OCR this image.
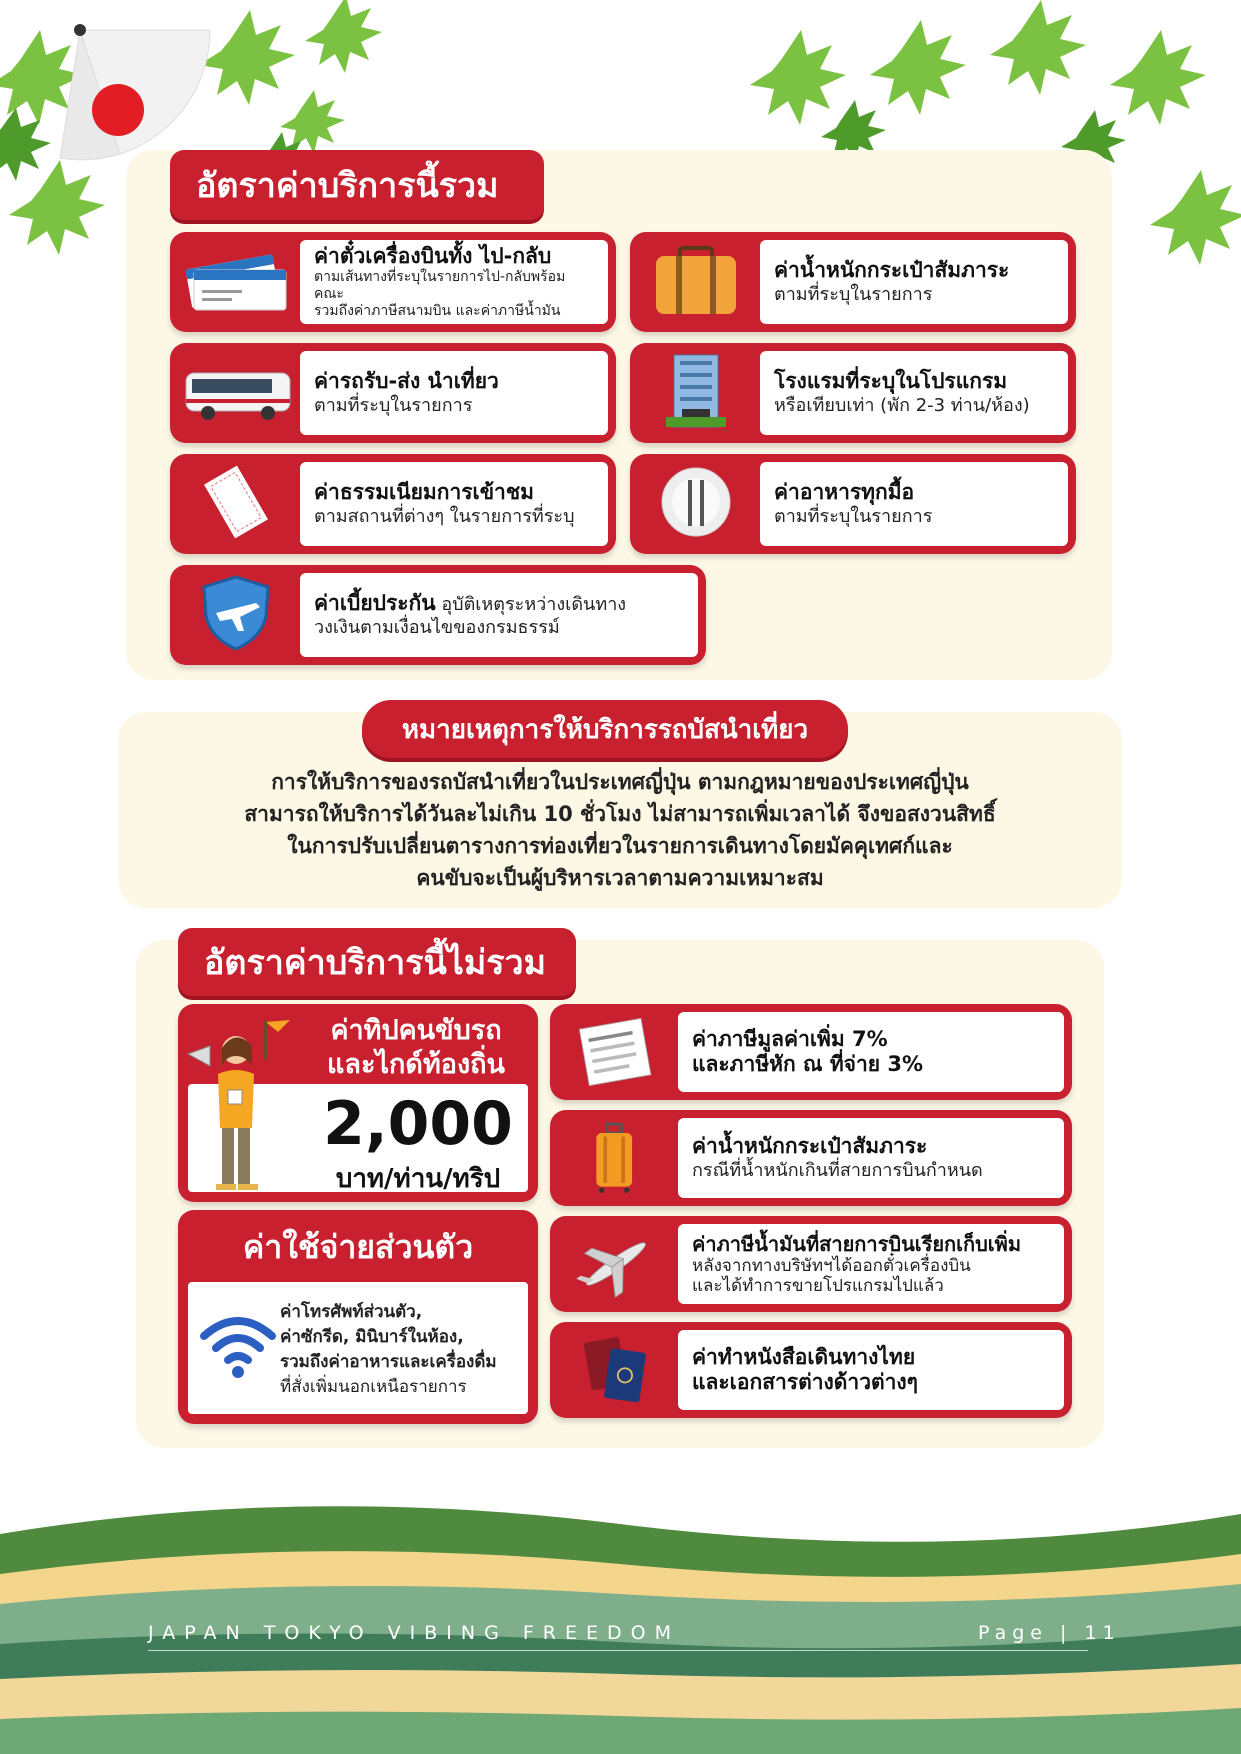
อัตราค่าบริการนี้รวม
ค่าตั๋วเครื่องบินทั้ง ไป-กลับ
ตามเส้นทางที่ระบุในรายการไป-กลับพร้อมคณะ
รวมถึงค่าภาษีสนามบิน และค่าภาษีน้ำมัน
ค่าน้ำหนักกระเป๋าสัมภาระ
ตามที่ระบุในรายการ
ค่ารถรับ-ส่ง นำเที่ยว
ตามที่ระบุในรายการ
โรงแรมที่ระบุในโปรแกรม
หรือเทียบเท่า (พัก 2-3 ท่าน/ห้อง)
ค่าธรรมเนียมการเข้าชม
ตามสถานที่ต่างๆ ในรายการที่ระบุ
ค่าอาหารทุกมื้อ
ตามที่ระบุในรายการ
ค่าเบี้ยประกัน อุบัติเหตุระหว่างเดินทาง
วงเงินตามเงื่อนไขของกรมธรรม์
หมายเหตุการให้บริการรถบัสนำเที่ยว
การให้บริการของรถบัสนำเที่ยวในประเทศญี่ปุ่น ตามกฎหมายของประเทศญี่ปุ่น
สามารถให้บริการได้วันละไม่เกิน 10 ชั่วโมง ไม่สามารถเพิ่มเวลาได้ จึงขอสงวนสิทธิ์
ในการปรับเปลี่ยนตารางการท่องเที่ยวในรายการเดินทางโดยมัคคุเทศก์และ
คนขับจะเป็นผู้บริหารเวลาตามความเหมาะสม
อัตราค่าบริการนี้ไม่รวม
ค่าทิปคนขับรถ
และไกด์ท้องถิ่น
2,000
บาท/ท่าน/ทริป
ค่าใช้จ่ายส่วนตัว
ค่าโทรศัพท์ส่วนตัว,
ค่าซักรีด, มินิบาร์ในห้อง,
รวมถึงค่าอาหารและเครื่องดื่ม
ที่สั่งเพิ่มนอกเหนือรายการ
ค่าภาษีมูลค่าเพิ่ม 7%
และภาษีหัก ณ ที่จ่าย 3%
ค่าน้ำหนักกระเป๋าสัมภาระ
กรณีที่น้ำหนักเกินที่สายการบินกำหนด
ค่าภาษีน้ำมันที่สายการบินเรียกเก็บเพิ่ม
หลังจากทางบริษัทฯได้ออกตั๋วเครื่องบิน
และได้ทำการขายโปรแกรมไปแล้ว
ค่าทำหนังสือเดินทางไทย
และเอกสารต่างด้าวต่างๆ
JAPAN TOKYO VIBING FREEDOM	Page | 11
